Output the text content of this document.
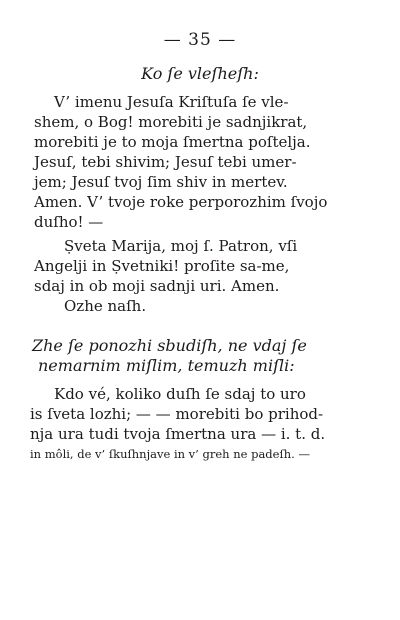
— 35 —
Ko ſe vleſheſh:
V’ imenu Jesuſa Kriſtuſa ſe vle-
shem, o Bog! morebiti je sadnjikrat,
morebiti je to moja ſmertna poſtelja.
Jesuſ, tebi shivim; Jesuſ tebi umer-
jem; Jesuſ tvoj ſim shiv in mertev.
Amen. V’ tvoje roke perporozhim ſvojo
duſho! —
Ṣveta Marija, moj ſ. Patron, vſi
Angelji in Ṣvetniki! proſite sa-me,
sdaj in ob moji sadnji uri. Amen.
Ozhe naſh.
Zhe ſe ponozhi sbudiſh, ne vdaj ſe
nemarnim miſlim, temuzh miſli:
Kdo vé, koliko duſh ſe sdaj to uro
is ſveta lozhi; — — morebiti bo prihod-
nja ura tudi tvoja ſmertna ura — i. t. d.
in môli, de v’ ſkuſhnjave in v’ greh ne padeſh. —
